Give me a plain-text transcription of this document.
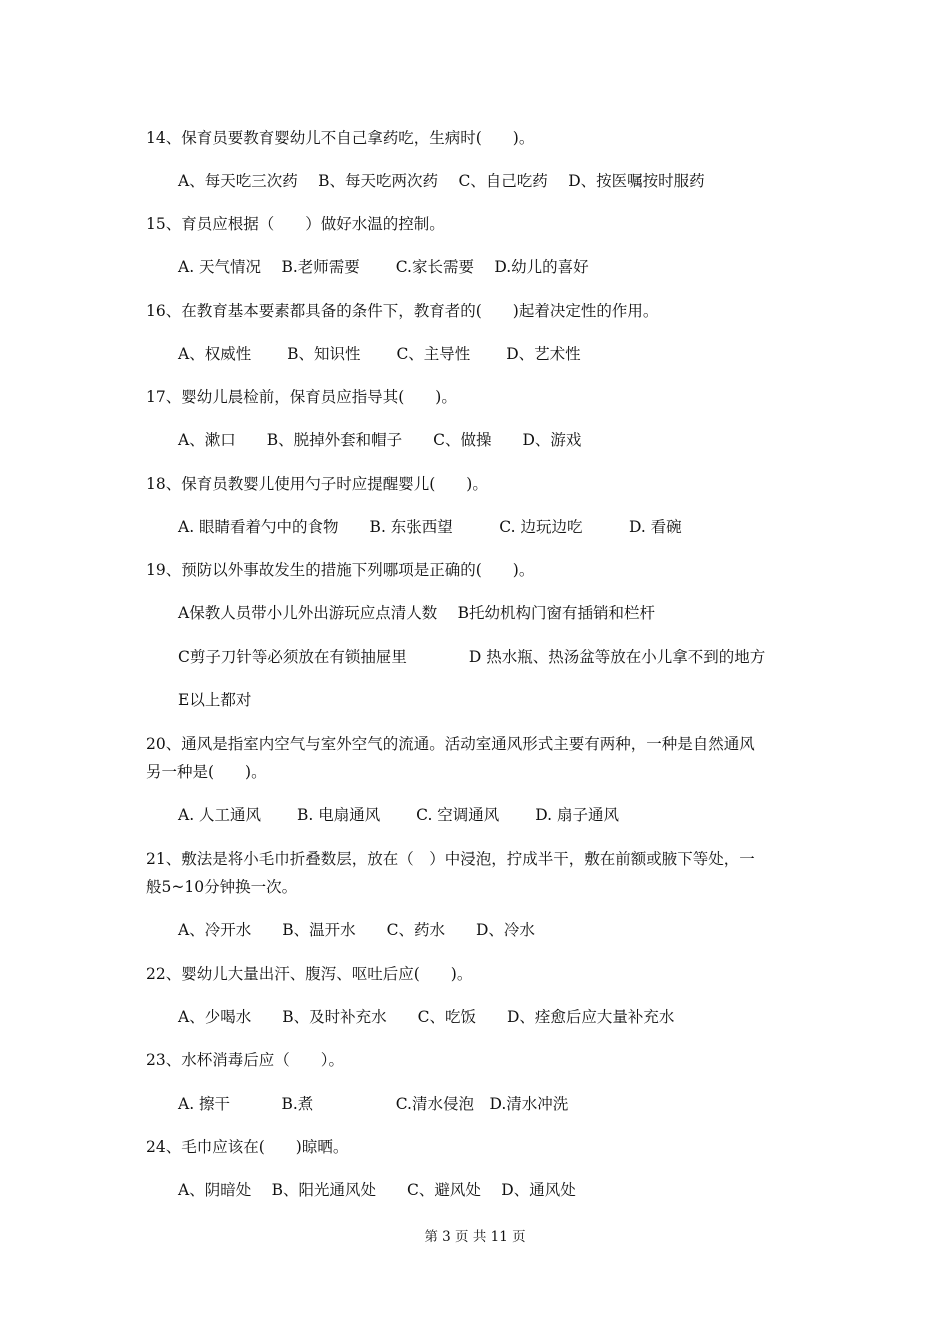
14、保育员要教育婴幼儿不自己拿药吃，生病时(　　)。
A、每天吃三次药　 B、每天吃两次药　 C、自己吃药　 D、按医嘱按时服药
15、育员应根据（　　）做好水温的控制。
A. 天气情况　 B.老师需要　　 C.家长需要　 D.幼儿的喜好
16、在教育基本要素都具备的条件下，教育者的(　　)起着决定性的作用。
A、权威性　　 B、知识性　　 C、主导性　　 D、艺术性
17、婴幼儿晨检前，保育员应指导其(　　)。
A、漱口　　B、脱掉外套和帽子　　C、做操　　D、游戏
18、保育员教婴儿使用勺子时应提醒婴儿(　　)。
A. 眼睛看着勺中的食物　　B. 东张西望　　　C. 边玩边吃　　　D. 看碗
19、预防以外事故发生的措施下列哪项是正确的(　　)。
A保教人员带小儿外出游玩应点清人数　 B托幼机构门窗有插销和栏杆
C剪子刀针等必须放在有锁抽屉里　　　　D 热水瓶、热汤盆等放在小儿拿不到的地方
E以上都对
20、通风是指室内空气与室外空气的流通。活动室通风形式主要有两种，一种是自然通风
另一种是(　　)。
A. 人工通风　　 B. 电扇通风　　 C. 空调通风　　 D. 扇子通风
21、敷法是将小毛巾折叠数层，放在（　）中浸泡，拧成半干，敷在前额或腋下等处，一
般5~10分钟换一次。
A、冷开水　　B、温开水　　C、药水　　D、冷水
22、婴幼儿大量出汗、腹泻、呕吐后应(　　)。
A、少喝水　　B、及时补充水　　C、吃饭　　D、痊愈后应大量补充水
23、水杯消毒后应（　　）。
A. 擦干　　　 B.煮　　　　　 C.清水侵泡　D.清水冲洗
24、毛巾应该在(　　)晾晒。
A、阴暗处　 B、阳光通风处　　C、避风处　 D、通风处
第 3 页 共 11 页
